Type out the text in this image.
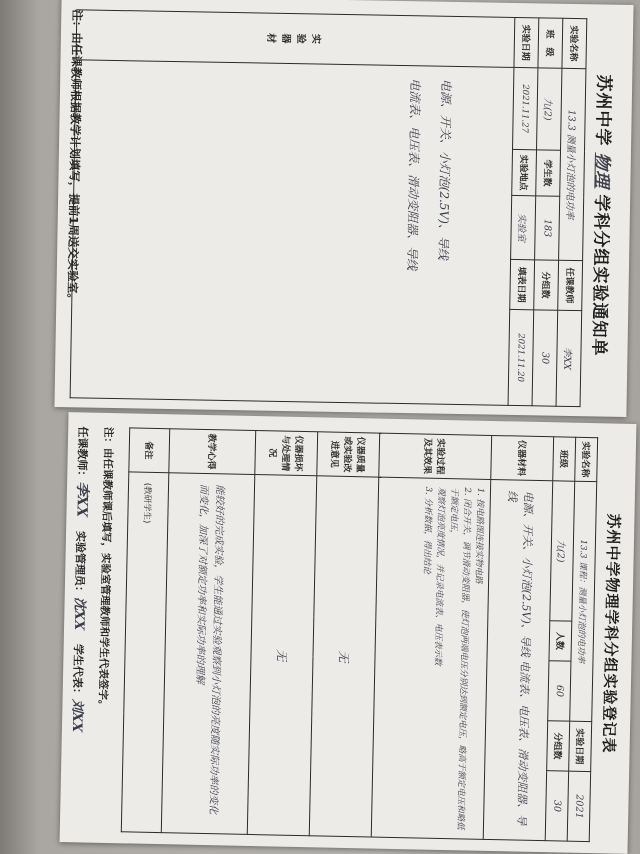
苏州中学物理学科分组实验通知单
实验名称	13.3 测量小灯泡的电功率			任课教师	李XX
班　级	九(2)	学生数	183	分组数	30
实验日期	2021.11.27	实验地点	实验室	填表日期	2021.11.20

实
验
器
材	电源、开关、小灯泡(2.5V)、导线
电流表、电压表、滑动变阻器、导线				
注：由任课教师根据教学计划填写，提前1周送交实验室。
苏州中学物理学科分组实验登记表
实验名称	13.3 课程：测量小灯泡的电功率			实验日期	2021
班级	九(2)	人数	60	分组数	30
仪器材料	电源、开关、小灯泡(2.5V)、导线 电流表、电压表、滑动变阻器、导线				
实验过程及其效果	1. 按电路图连接实物电路
2. 闭合开关，调节滑动变阻器，使灯泡两端电压分别达到额定电压，略高于额定电压和略低于额定电压，
观察灯泡亮度情况，并记录电流表、电压表示数
3. 分析数据，得出结论				

仪器质量或实验改进意见	无				
仪器损坏与处理情况	无				
教学心得	能较好的完成实验，学生能通过实验观察到小灯泡的亮度随实际功率的变化而变化，加深了对额定功率和实际功率的理解				
备注	(教研学生)				
注：由任课教师课后填写，实验室管理教师和学生代表签字。
任课教师：李XX 实验管理员：沈XX 学生代表：刘XX
